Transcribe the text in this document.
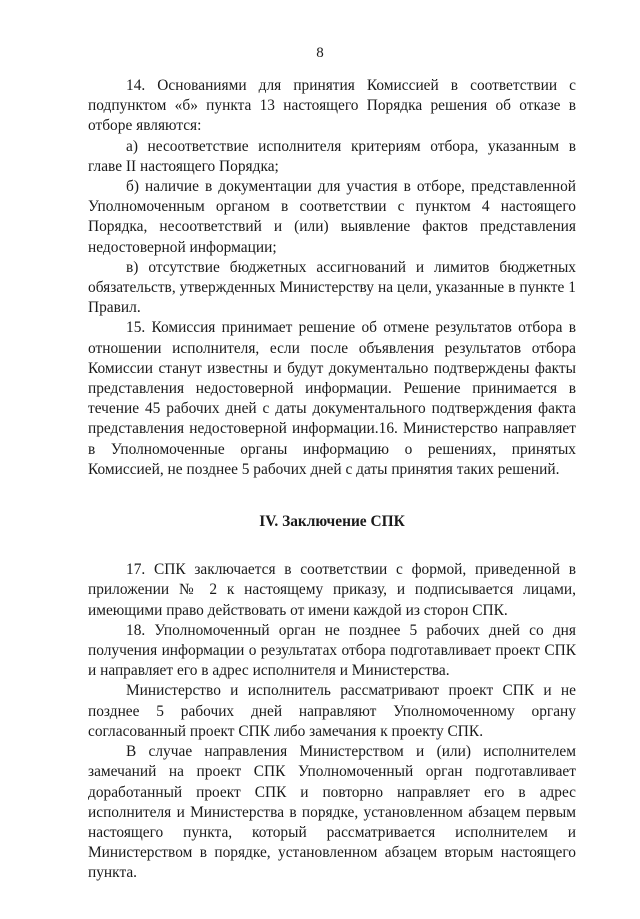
8

14. Основаниями для принятия Комиссией в соответствии с подпунктом «б» пункта 13 настоящего Порядка решения об отказе в отборе являются:

а) несоответствие исполнителя критериям отбора, указанным в главе II настоящего Порядка;

б) наличие в документации для участия в отборе, представленной Уполномоченным органом в соответствии с пунктом 4 настоящего Порядка, несоответствий и (или) выявление фактов представления недостоверной информации;

в) отсутствие бюджетных ассигнований и лимитов бюджетных обязательств, утвержденных Министерству на цели, указанные в пункте 1 Правил.

15. Комиссия принимает решение об отмене результатов отбора в отношении исполнителя, если после объявления результатов отбора Комиссии станут известны и будут документально подтверждены факты представления недостоверной информации. Решение принимается в течение 45 рабочих дней с даты документального подтверждения факта представления недостоверной информации.16. Министерство направляет в Уполномоченные органы информацию о решениях, принятых Комиссией, не позднее 5 рабочих дней с даты принятия таких решений.

IV. Заключение СПК

17. СПК заключается в соответствии с формой, приведенной в приложении № 2 к настоящему приказу, и подписывается лицами, имеющими право действовать от имени каждой из сторон СПК.

18. Уполномоченный орган не позднее 5 рабочих дней со дня получения информации о результатах отбора подготавливает проект СПК и направляет его в адрес исполнителя и Министерства.

Министерство и исполнитель рассматривают проект СПК и не позднее 5 рабочих дней направляют Уполномоченному органу согласованный проект СПК либо замечания к проекту СПК.

В случае направления Министерством и (или) исполнителем замечаний на проект СПК Уполномоченный орган подготавливает доработанный проект СПК и повторно направляет его в адрес исполнителя и Министерства в порядке, установленном абзацем первым настоящего пункта, который рассматривается исполнителем и Министерством в порядке, установленном абзацем вторым настоящего пункта.
